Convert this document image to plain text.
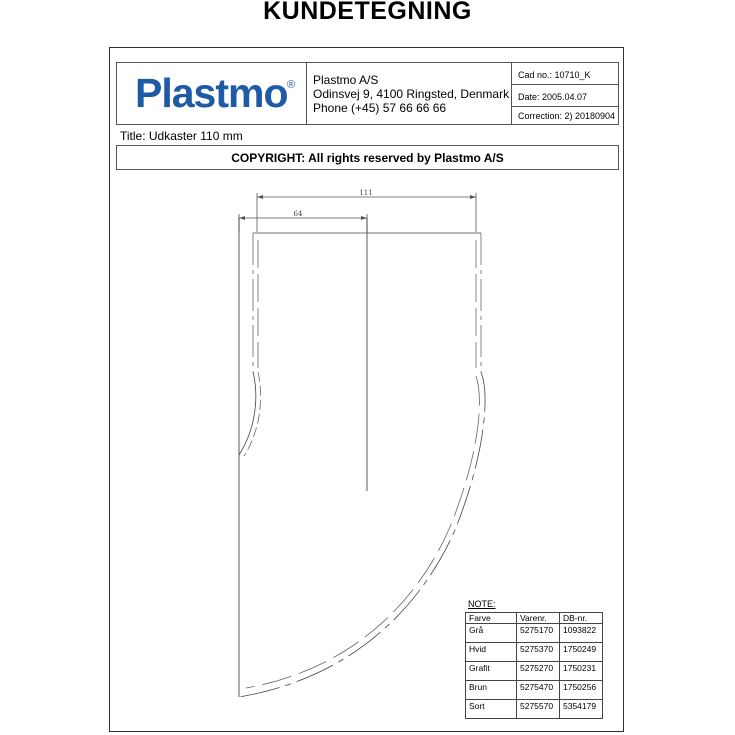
KUNDETEGNING
Plastmo ® Plastmo A/S
Odinsvej 9, 4100 Ringsted, Denmark
Phone (+45) 57 66 66 66
Cad no.: 10710_K
Date: 2005.04.07
Correction: 2) 20180904
Title: Udkaster 110 mm
COPYRIGHT: All rights reserved by Plastmo A/S
111
64
NOTE:
Farve	Varenr.	DB-nr.
Grå	5275170	1093822
Hvid	5275370	1750249
Grafit	5275270	1750231
Brun	5275470	1750256
Sort	5275570	5354179
